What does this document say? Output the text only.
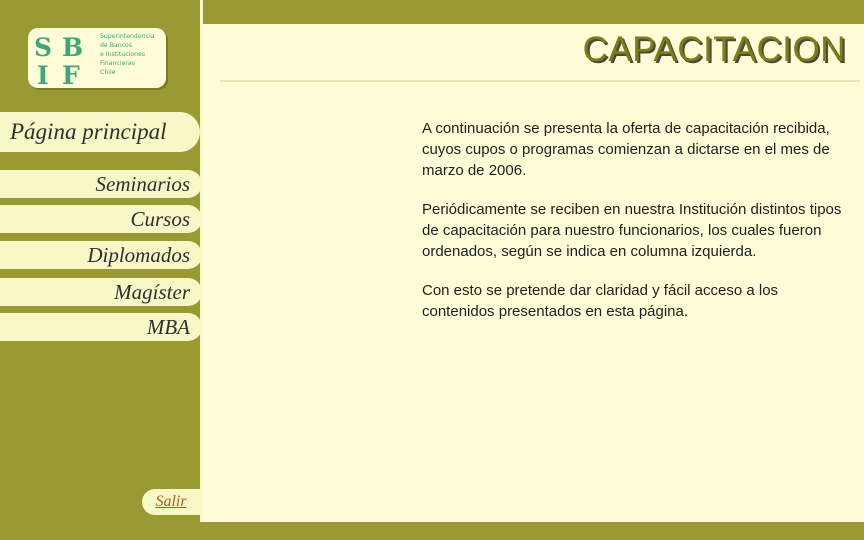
S B
I F
Superintendencia
de Bancos
e Instituciones
Financieras
Chile
Página principal
Seminarios
Cursos
Diplomados
Magíster
MBA
Salir
CAPACITACION

A continuación se presenta la oferta de capacitación recibida, cuyos cupos o programas comienzan a dictarse en el mes de marzo de 2006.

Periódicamente se reciben en nuestra Institución distintos tipos de capacitación para nuestro funcionarios, los cuales fueron ordenados, según se indica en columna izquierda.

Con esto se pretende dar claridad y fácil acceso a los contenidos presentados en esta página.
